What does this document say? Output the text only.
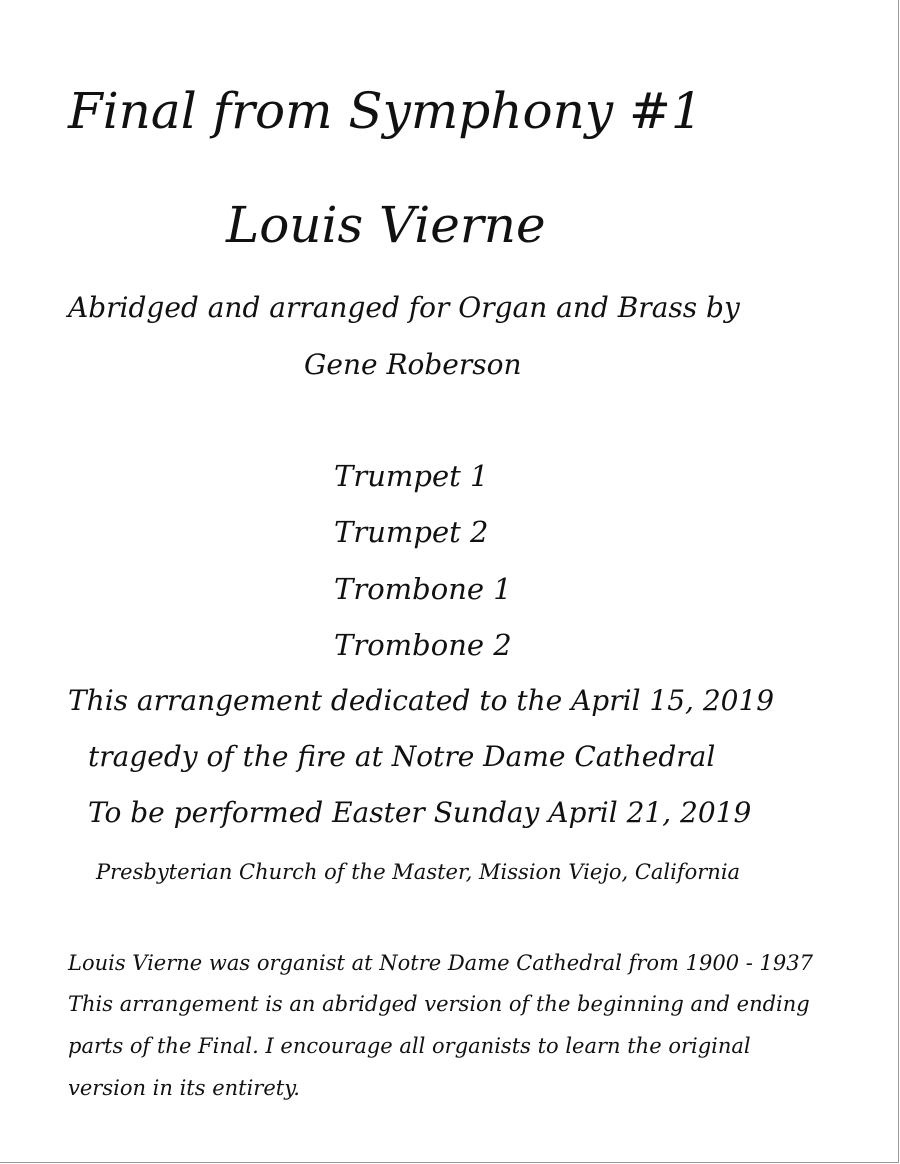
Final from Symphony #1
Louis Vierne
Abridged and arranged for Organ and Brass by
Gene Roberson
Trumpet 1
Trumpet 2
Trombone 1
Trombone 2
This arrangement dedicated to the April 15, 2019
tragedy of the fire at Notre Dame Cathedral
To be performed Easter Sunday April 21, 2019
Presbyterian Church of the Master, Mission Viejo, California
Louis Vierne was organist at Notre Dame Cathedral from 1900 - 1937
This arrangement is an abridged version of the beginning and ending
parts of the Final. I encourage all organists to learn the original
version in its entirety.
